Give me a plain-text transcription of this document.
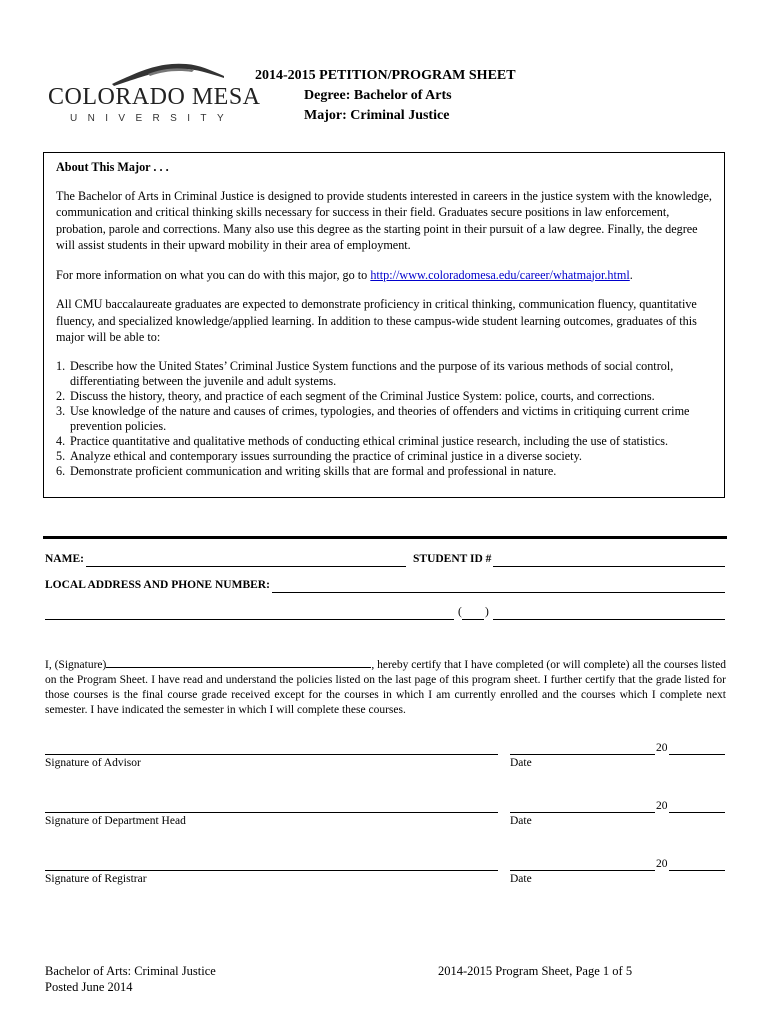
COLORADO MESA
UNIVERSITY
2014-2015 PETITION/PROGRAM SHEET
Degree: Bachelor of Arts
Major: Criminal Justice
About This Major . . .

The Bachelor of Arts in Criminal Justice is designed to provide students interested in careers in the justice system with the knowledge, communication and critical thinking skills necessary for success in their field. Graduates secure positions in law enforcement, probation, parole and corrections. Many also use this degree as the starting point in their pursuit of a law degree. Finally, the degree will assist students in their upward mobility in their area of employment.

For more information on what you can do with this major, go to http://www.coloradomesa.edu/career/whatmajor.html.

All CMU baccalaureate graduates are expected to demonstrate proficiency in critical thinking, communication fluency, quantitative fluency, and specialized knowledge/applied learning. In addition to these campus-wide student learning outcomes, graduates of this major will be able to:

1. Describe how the United States’ Criminal Justice System functions and the purpose of its various methods of social control, differentiating between the juvenile and adult systems.
2. Discuss the history, theory, and practice of each segment of the Criminal Justice System: police, courts, and corrections.
3. Use knowledge of the nature and causes of crimes, typologies, and theories of offenders and victims in critiquing current crime prevention policies.
4. Practice quantitative and qualitative methods of conducting ethical criminal justice research, including the use of statistics.
5. Analyze ethical and contemporary issues surrounding the practice of criminal justice in a diverse society.
6. Demonstrate proficient communication and writing skills that are formal and professional in nature.
NAME:	STUDENT ID #
LOCAL ADDRESS AND PHONE NUMBER:
( )
I, (Signature)	, hereby certify that I have completed (or will complete) all the courses listed on the Program Sheet. I have read and understand the policies listed on the last page of this program sheet. I further certify that the grade listed for those courses is the final course grade received except for the courses in which I am currently enrolled and the courses which I complete next semester. I have indicated the semester in which I will complete these courses.
Signature of Advisor
20
Date
Signature of Department Head
20
Date
Signature of Registrar
20
Date
Bachelor of Arts: Criminal Justice
Posted June 2014
2014-2015 Program Sheet, Page 1 of 5
